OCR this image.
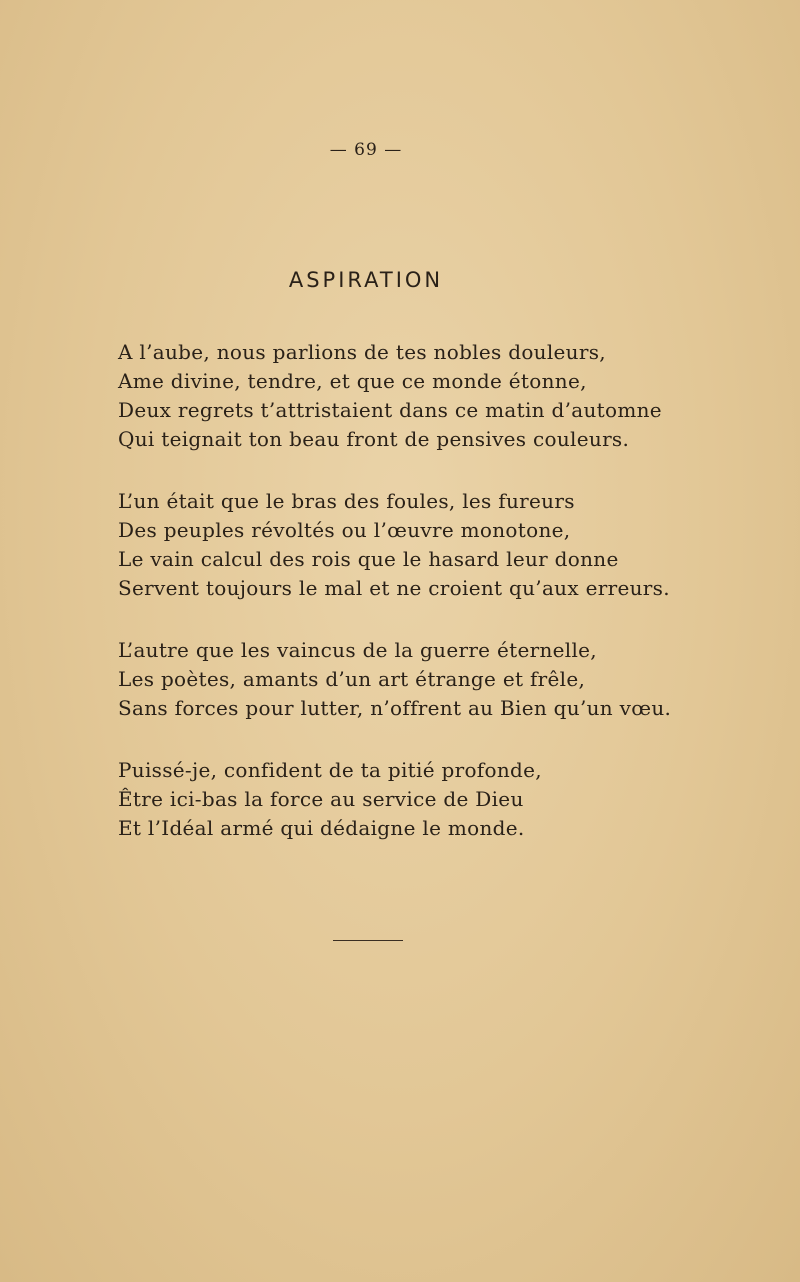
— 69 —
ASPIRATION
A l’aube, nous parlions de tes nobles douleurs,
Ame divine, tendre, et que ce monde étonne,
Deux regrets t’attristaient dans ce matin d’automne
Qui teignait ton beau front de pensives couleurs.
L’un était que le bras des foules, les fureurs
Des peuples révoltés ou l’œuvre monotone,
Le vain calcul des rois que le hasard leur donne
Servent toujours le mal et ne croient qu’aux erreurs.
L’autre que les vaincus de la guerre éternelle,
Les poètes, amants d’un art étrange et frêle,
Sans forces pour lutter, n’offrent au Bien qu’un vœu.
Puissé-je, confident de ta pitié profonde,
Être ici-bas la force au service de Dieu
Et l’Idéal armé qui dédaigne le monde.
